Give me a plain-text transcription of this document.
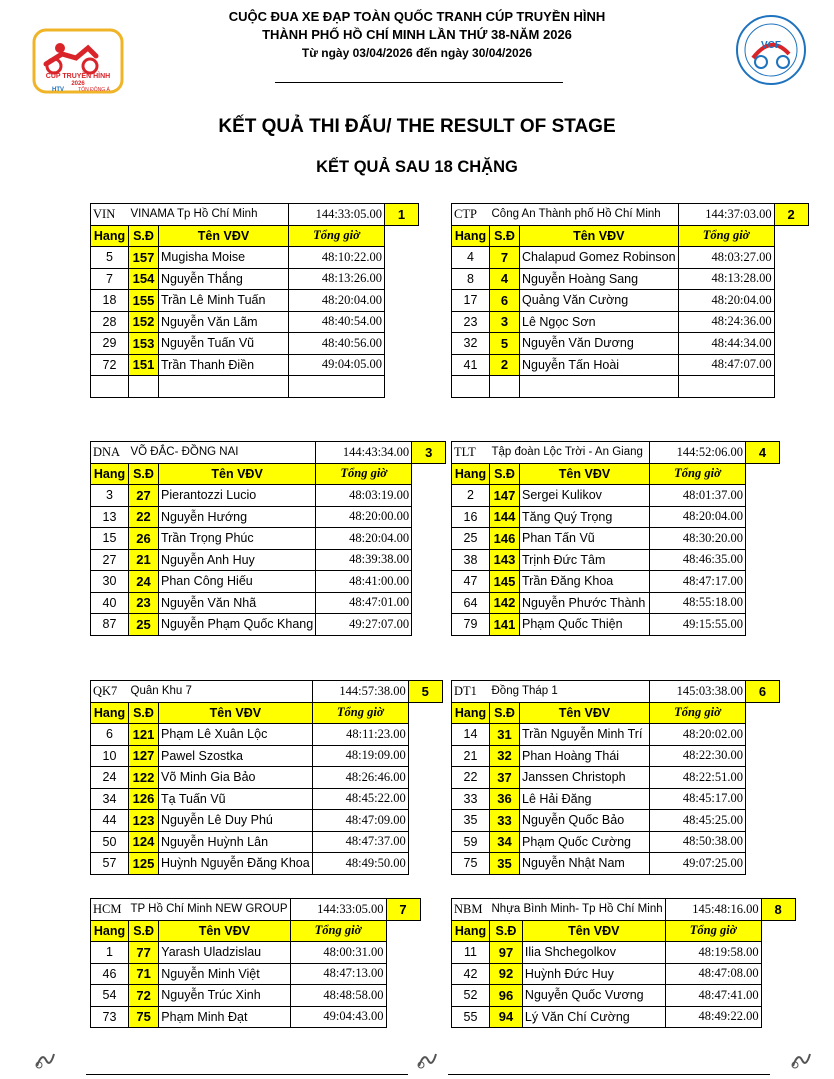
CÚP TRUYỀN HÌNH
2026
HTV	TÔN ĐÔNG Á
VCF
CUỘC ĐUA XE ĐẠP TOÀN QUỐC TRANH CÚP TRUYỀN HÌNH
THÀNH PHỐ HỒ CHÍ MINH LẦN THỨ 38-NĂM 2026
Từ ngày 03/04/2026 đến ngày 30/04/2026
KẾT QUẢ THI ĐẤU/ THE RESULT OF STAGE
KẾT QUẢ SAU 18 CHẶNG
VIN	VINAMA Tp Hồ Chí Minh		144:33:05.00	1
Hang	S.Đ	Tên VĐV	Tổng giờ	
5	157	Mugisha Moise	48:10:22.00	
7	154	Nguyễn Thắng	48:13:26.00	
18	155	Trần Lê Minh Tuấn	48:20:04.00	
28	152	Nguyễn Văn Lãm	48:40:54.00	
29	153	Nguyễn Tuấn Vũ	48:40:56.00	
72	151	Trần Thanh Điền	49:04:05.00	

CTP	Công An Thành phố Hồ Chí Minh		144:37:03.00	2
Hang	S.Đ	Tên VĐV	Tổng giờ	
4	7	Chalapud Gomez Robinson	48:03:27.00	
8	4	Nguyễn Hoàng Sang	48:13:28.00	
17	6	Quảng Văn Cường	48:20:04.00	
23	3	Lê Ngọc Sơn	48:24:36.00	
32	5	Nguyễn Văn Dương	48:44:34.00	
41	2	Nguyễn Tấn Hoài	48:47:07.00	

DNA	VÕ ĐẮC- ĐỒNG NAI		144:43:34.00	3
Hang	S.Đ	Tên VĐV	Tổng giờ	
3	27	Pierantozzi Lucio	48:03:19.00	
13	22	Nguyễn Hướng	48:20:00.00	
15	26	Trần Trọng Phúc	48:20:04.00	
27	21	Nguyễn Anh Huy	48:39:38.00	
30	24	Phan Công Hiếu	48:41:00.00	
40	23	Nguyễn Văn Nhã	48:47:01.00	
87	25	Nguyễn Phạm Quốc Khang	49:27:07.00	
TLT	Tập đoàn Lộc Trời - An Giang		144:52:06.00	4
Hang	S.Đ	Tên VĐV	Tổng giờ	
2	147	Sergei Kulikov	48:01:37.00	
16	144	Tăng Quý Trọng	48:20:04.00	
25	146	Phan Tấn Vũ	48:30:20.00	
38	143	Trịnh Đức Tâm	48:46:35.00	
47	145	Trần Đăng Khoa	48:47:17.00	
64	142	Nguyễn Phước Thành	48:55:18.00	
79	141	Phạm Quốc Thiện	49:15:55.00	
QK7	Quân Khu 7		144:57:38.00	5
Hang	S.Đ	Tên VĐV	Tổng giờ	
6	121	Phạm Lê Xuân Lộc	48:11:23.00	
10	127	Pawel Szostka	48:19:09.00	
24	122	Võ Minh Gia Bảo	48:26:46.00	
34	126	Tạ Tuấn Vũ	48:45:22.00	
44	123	Nguyễn Lê Duy Phú	48:47:09.00	
50	124	Nguyễn Huỳnh Lân	48:47:37.00	
57	125	Huỳnh Nguyễn Đăng Khoa	48:49:50.00	
DT1	Đồng Tháp 1		145:03:38.00	6
Hang	S.Đ	Tên VĐV	Tổng giờ	
14	31	Trần Nguyễn Minh Trí	48:20:02.00	
21	32	Phan Hoàng Thái	48:22:30.00	
22	37	Janssen Christoph	48:22:51.00	
33	36	Lê Hải Đăng	48:45:17.00	
35	33	Nguyễn Quốc Bảo	48:45:25.00	
59	34	Phạm Quốc Cường	48:50:38.00	
75	35	Nguyễn Nhật Nam	49:07:25.00	
HCM	TP Hồ Chí Minh NEW GROUP		144:33:05.00	7
Hang	S.Đ	Tên VĐV	Tổng giờ	
1	77	Yarash Uladzislau	48:00:31.00	
46	71	Nguyễn Minh Việt	48:47:13.00	
54	72	Nguyễn Trúc Xinh	48:48:58.00	
73	75	Phạm Minh Đạt	49:04:43.00	
NBM	Nhựa Bình Minh- Tp Hồ Chí Minh		145:48:16.00	8
Hang	S.Đ	Tên VĐV	Tổng giờ	
11	97	Ilia Shchegolkov	48:19:58.00	
42	92	Huỳnh Đức Huy	48:47:08.00	
52	96	Nguyễn Quốc Vương	48:47:41.00	
55	94	Lý Văn Chí Cường	48:49:22.00	
